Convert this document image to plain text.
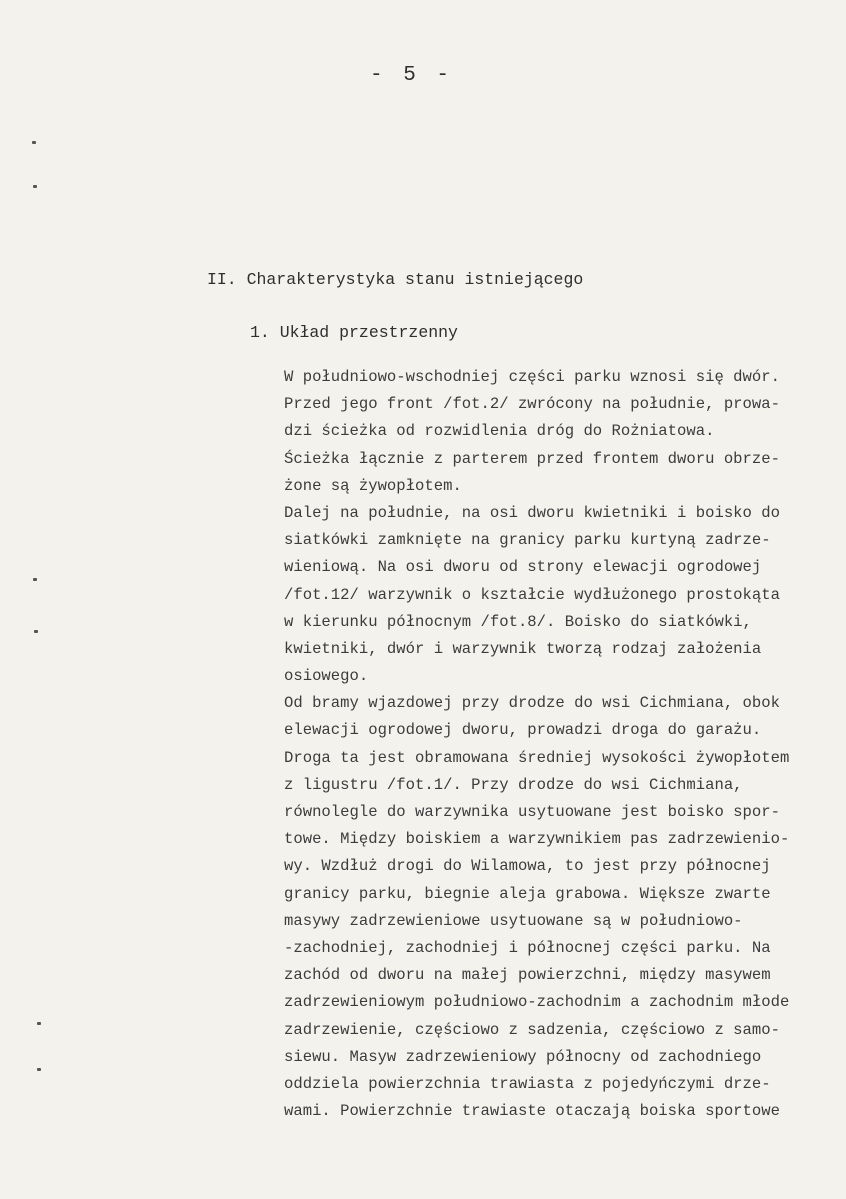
- 5 -
II. Charakterystyka stanu istniejącego
1. Układ przestrzenny
W południowo-wschodniej części parku wznosi się dwór.
Przed jego front /fot.2/ zwrócony na południe, prowa-
dzi ścieżka od rozwidlenia dróg do Rożniatowa.
Ścieżka łącznie z parterem przed frontem dworu obrze-
żone są żywopłotem.
Dalej na południe, na osi dworu kwietniki i boisko do
siatkówki zamknięte na granicy parku kurtyną zadrze-
wieniową. Na osi dworu od strony elewacji ogrodowej
/fot.12/ warzywnik o kształcie wydłużonego prostokąta
w kierunku północnym /fot.8/. Boisko do siatkówki,
kwietniki, dwór i warzywnik tworzą rodzaj założenia
osiowego.
Od bramy wjazdowej przy drodze do wsi Cichmiana, obok
elewacji ogrodowej dworu, prowadzi droga do garażu.
Droga ta jest obramowana średniej wysokości żywopłotem
z ligustru /fot.1/. Przy drodze do wsi Cichmiana,
równolegle do warzywnika usytuowane jest boisko spor-
towe. Między boiskiem a warzywnikiem pas zadrzewienio-
wy. Wzdłuż drogi do Wilamowa, to jest przy północnej
granicy parku, biegnie aleja grabowa. Większe zwarte
masywy zadrzewieniowe usytuowane są w południowo-
-zachodniej, zachodniej i północnej części parku. Na
zachód od dworu na małej powierzchni, między masywem
zadrzewieniowym południowo-zachodnim a zachodnim młode
zadrzewienie, częściowo z sadzenia, częściowo z samo-
siewu. Masyw zadrzewieniowy północny od zachodniego
oddziela powierzchnia trawiasta z pojedyńczymi drze-
wami. Powierzchnie trawiaste otaczają boiska sportowe
